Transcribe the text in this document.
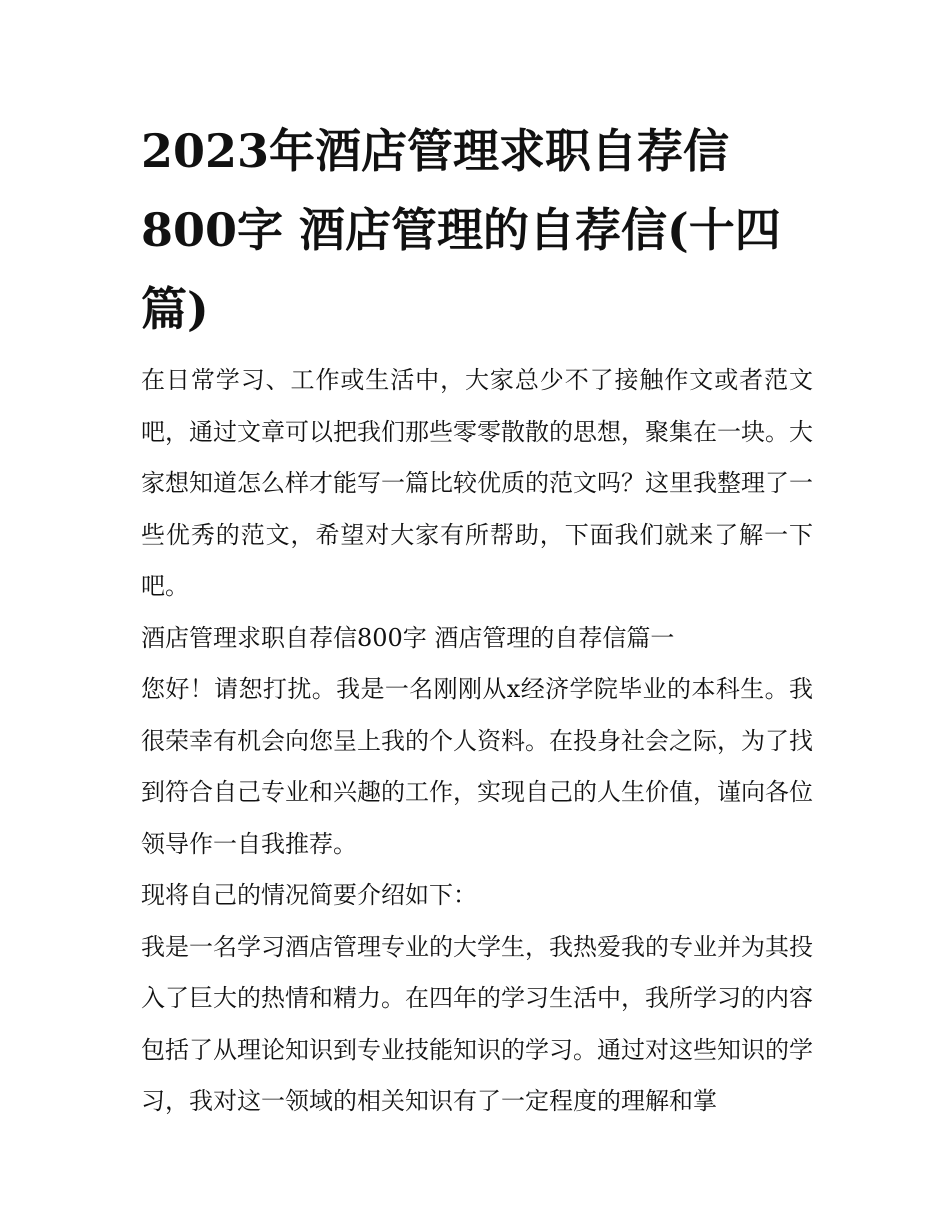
2023年酒店管理求职自荐信
800字 酒店管理的自荐信(十四
篇)

在日常学习、工作或生活中，大家总少不了接触作文或者范文吧，通过文章可以把我们那些零零散散的思想，聚集在一块。大家想知道怎么样才能写一篇比较优质的范文吗？这里我整理了一些优秀的范文，希望对大家有所帮助，下面我们就来了解一下吧。

酒店管理求职自荐信800字 酒店管理的自荐信篇一

您好！请恕打扰。我是一名刚刚从x经济学院毕业的本科生。我很荣幸有机会向您呈上我的个人资料。在投身社会之际，为了找到符合自己专业和兴趣的工作，实现自己的人生价值，谨向各位领导作一自我推荐。

现将自己的情况简要介绍如下：

我是一名学习酒店管理专业的大学生，我热爱我的专业并为其投入了巨大的热情和精力。在四年的学习生活中，我所学习的内容包括了从理论知识到专业技能知识的学习。通过对这些知识的学习，我对这一领域的相关知识有了一定程度的理解和掌
